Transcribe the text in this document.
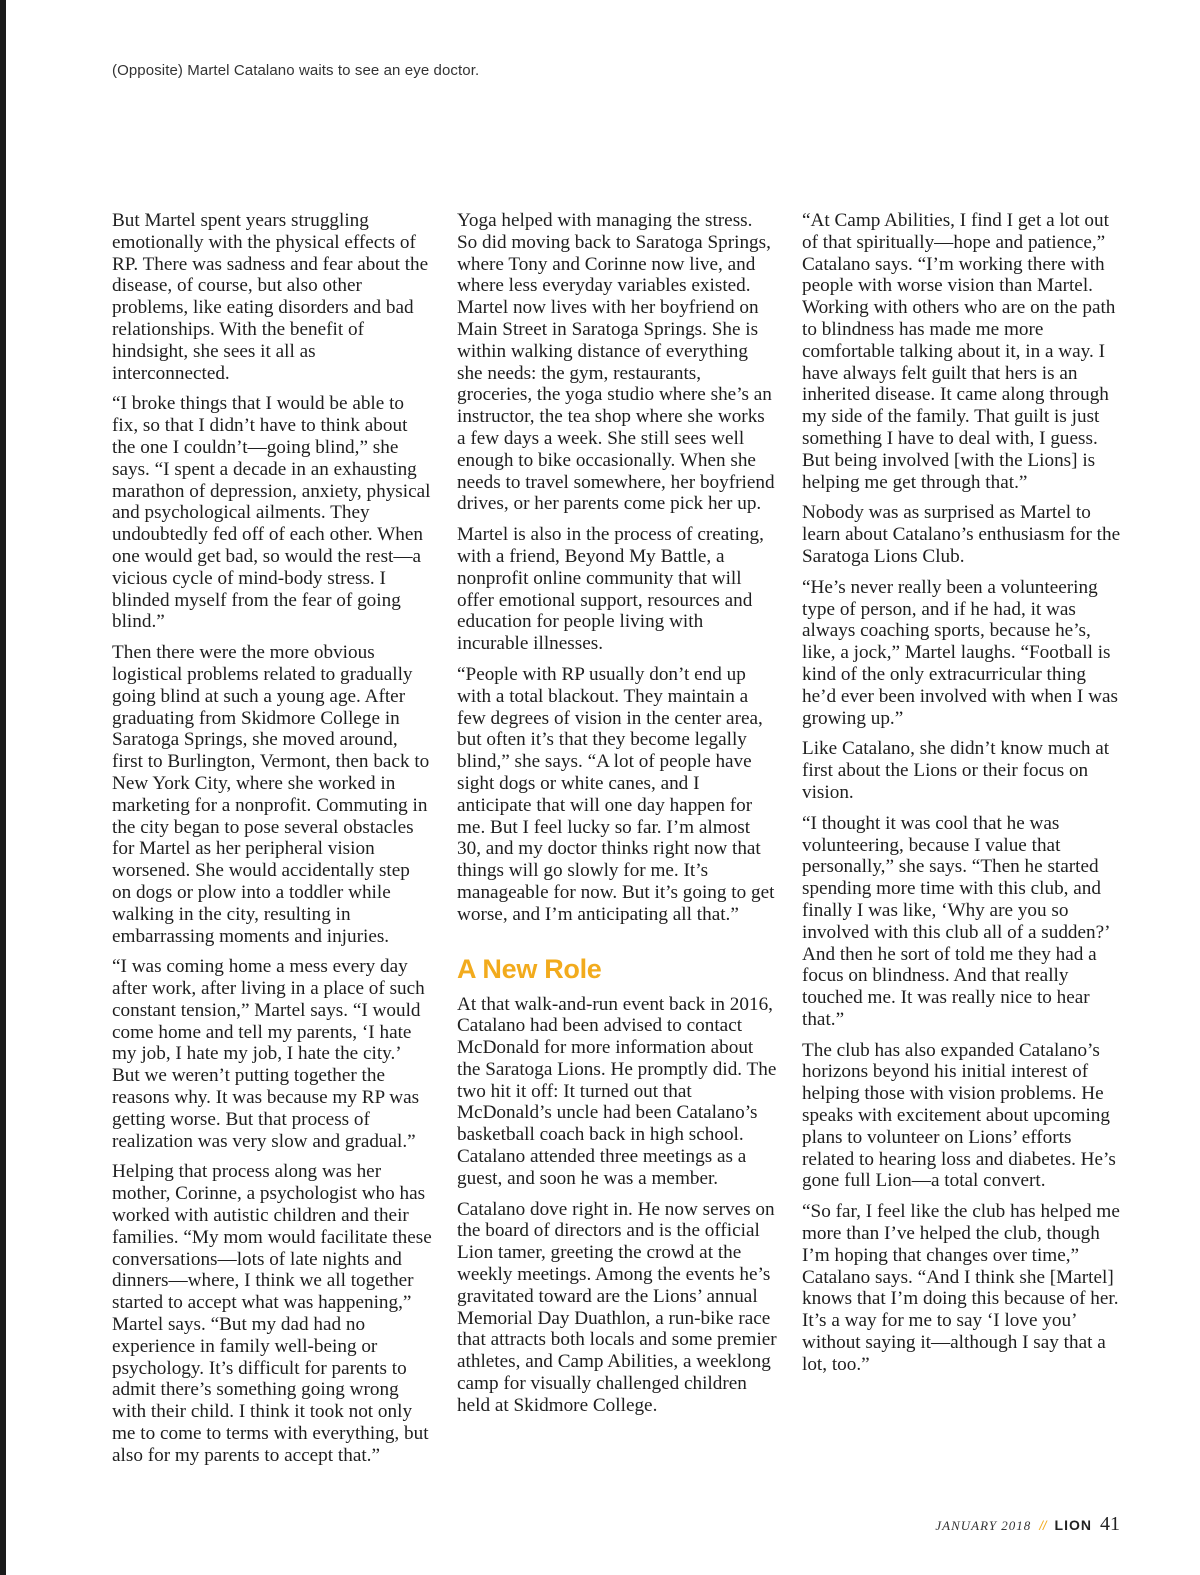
(Opposite) Martel Catalano waits to see an eye doctor.

But Martel spent years struggling emotionally with the physical effects of RP. There was sadness and fear about the disease, of course, but also other problems, like eating disorders and bad relationships. With the benefit of hindsight, she sees it all as interconnected.

“I broke things that I would be able to fix, so that I didn’t have to think about the one I couldn’t—going blind,” she says. “I spent a decade in an exhausting marathon of depression, anxiety, physical and psychological ailments. They undoubtedly fed off of each other. When one would get bad, so would the rest—a vicious cycle of mind-body stress. I blinded myself from the fear of going blind.”

Then there were the more obvious logistical problems related to gradually going blind at such a young age. After graduating from Skidmore College in Saratoga Springs, she moved around, first to Burlington, Vermont, then back to New York City, where she worked in marketing for a nonprofit. Commuting in the city began to pose several obstacles for Martel as her peripheral vision worsened. She would accidentally step on dogs or plow into a toddler while walking in the city, resulting in embarrassing moments and injuries.

“I was coming home a mess every day after work, after living in a place of such constant tension,” Martel says. “I would come home and tell my parents, ‘I hate my job, I hate my job, I hate the city.’ But we weren’t putting together the reasons why. It was because my RP was getting worse. But that process of realization was very slow and gradual.”

Helping that process along was her mother, Corinne, a psychologist who has worked with autistic children and their families. “My mom would facilitate these conversations—lots of late nights and dinners—where, I think we all together started to accept what was happening,” Martel says. “But my dad had no experience in family well-being or psychology. It’s difficult for parents to admit there’s something going wrong with their child. I think it took not only me to come to terms with everything, but also for my parents to accept that.”

Yoga helped with managing the stress. So did moving back to Saratoga Springs, where Tony and Corinne now live, and where less everyday variables existed. Martel now lives with her boyfriend on Main Street in Saratoga Springs. She is within walking distance of everything she needs: the gym, restaurants, groceries, the yoga studio where she’s an instructor, the tea shop where she works a few days a week. She still sees well enough to bike occasionally. When she needs to travel somewhere, her boyfriend drives, or her parents come pick her up.

Martel is also in the process of creating, with a friend, Beyond My Battle, a nonprofit online community that will offer emotional support, resources and education for people living with incurable illnesses.

“People with RP usually don’t end up with a total blackout. They maintain a few degrees of vision in the center area, but often it’s that they become legally blind,” she says. “A lot of people have sight dogs or white canes, and I anticipate that will one day happen for me. But I feel lucky so far. I’m almost 30, and my doctor thinks right now that things will go slowly for me. It’s manageable for now. But it’s going to get worse, and I’m anticipating all that.”

A New Role

At that walk-and-run event back in 2016, Catalano had been advised to contact McDonald for more information about the Saratoga Lions. He promptly did. The two hit it off: It turned out that McDonald’s uncle had been Catalano’s basketball coach back in high school. Catalano attended three meetings as a guest, and soon he was a member.

Catalano dove right in. He now serves on the board of directors and is the official Lion tamer, greeting the crowd at the weekly meetings. Among the events he’s gravitated toward are the Lions’ annual Memorial Day Duathlon, a run-bike race that attracts both locals and some premier athletes, and Camp Abilities, a weeklong camp for visually challenged children held at Skidmore College.

“At Camp Abilities, I find I get a lot out of that spiritually—hope and patience,” Catalano says. “I’m working there with people with worse vision than Martel. Working with others who are on the path to blindness has made me more comfortable talking about it, in a way. I have always felt guilt that hers is an inherited disease. It came along through my side of the family. That guilt is just something I have to deal with, I guess. But being involved [with the Lions] is helping me get through that.”

Nobody was as surprised as Martel to learn about Catalano’s enthusiasm for the Saratoga Lions Club.

“He’s never really been a volunteering type of person, and if he had, it was always coaching sports, because he’s, like, a jock,” Martel laughs. “Football is kind of the only extracurricular thing he’d ever been involved with when I was growing up.”

Like Catalano, she didn’t know much at first about the Lions or their focus on vision.

“I thought it was cool that he was volunteering, because I value that personally,” she says. “Then he started spending more time with this club, and finally I was like, ‘Why are you so involved with this club all of a sudden?’ And then he sort of told me they had a focus on blindness. And that really touched me. It was really nice to hear that.”

The club has also expanded Catalano’s horizons beyond his initial interest of helping those with vision problems. He speaks with excitement about upcoming plans to volunteer on Lions’ efforts related to hearing loss and diabetes. He’s gone full Lion—a total convert.

“So far, I feel like the club has helped me more than I’ve helped the club, though I’m hoping that changes over time,” Catalano says. “And I think she [Martel] knows that I’m doing this because of her. It’s a way for me to say ‘I love you’ without saying it—although I say that a lot, too.”

JANUARY 2018 // LION 41
